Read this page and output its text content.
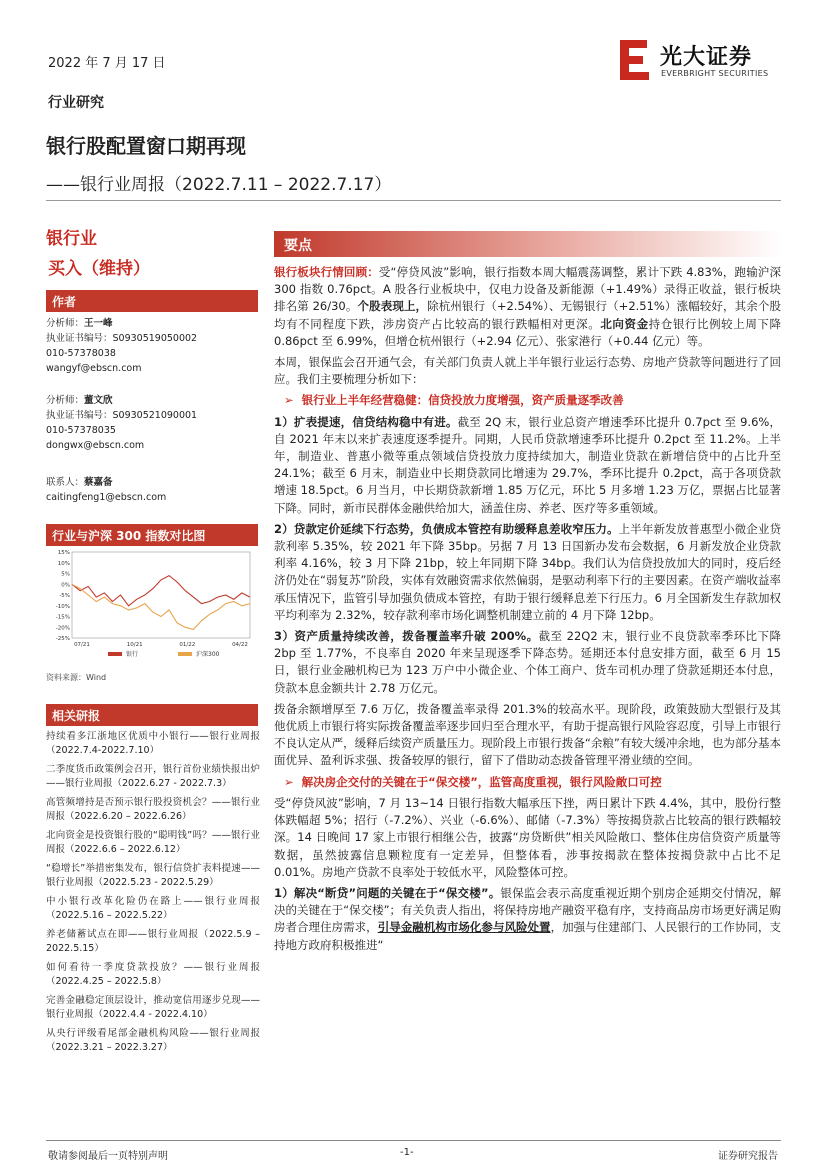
2022 年 7 月 17 日	光大证券
EVERBRIGHT SECURITIES
行业研究
银行股配置窗口期再现
——银行业周报（2022.7.11 – 2022.7.17）
银行业
买入（维持）
作者
分析师：王一峰
执业证书编号：S0930519050002
010-57378038
wangyf@ebscn.com
分析师：董文欣
执业证书编号：S0930521090001
010-57378035
dongwx@ebscn.com
联系人：蔡嘉备
caitingfeng1@ebscn.com
行业与沪深 300 指数对比图
15%
10%
5%
0%
-5%
-10%
-15%
-20%
-25%
07/21	10/21	01/22	04/22
银行	沪深300
资料来源：Wind
相关研报
持续看多江浙地区优质中小银行——银行业周报（2022.7.4-2022.7.10）
二季度货币政策例会召开，银行首份业绩快报出炉——银行业周报（2022.6.27 - 2022.7.3）
高管频增持是否预示银行股投资机会？——银行业周报（2022.6.20 – 2022.6.26）
北向资金是投资银行股的“聪明钱”吗？——银行业周报（2022.6.6 – 2022.6.12）
“稳增长”举措密集发布，银行信贷扩表料提速——银行业周报（2022.5.23 - 2022.5.29）
中小银行改革化险仍在路上——银行业周报（2022.5.16 – 2022.5.22）
养老储蓄试点在即——银行业周报（2022.5.9 – 2022.5.15）
如何看待一季度贷款投放？——银行业周报（2022.4.25 – 2022.5.8）
完善金融稳定顶层设计，推动宽信用逐步兑现——银行业周报（2022.4.4 - 2022.4.10）
从央行评级看尾部金融机构风险——银行业周报（2022.3.21 – 2022.3.27）
要点

银行板块行情回顾：受“停贷风波”影响，银行指数本周大幅震荡调整，累计下跌 4.83%，跑输沪深 300 指数 0.76pct。A 股各行业板块中，仅电力设备及新能源（+1.49%）录得正收益，银行板块排名第 26/30。个股表现上，除杭州银行（+2.54%）、无锡银行（+2.51%）涨幅较好，其余个股均有不同程度下跌，涉房资产占比较高的银行跌幅相对更深。北向资金持仓银行比例较上周下降 0.86pct 至 6.99%，但增仓杭州银行（+2.94 亿元）、张家港行（+0.44 亿元）等。

本周，银保监会召开通气会，有关部门负责人就上半年银行业运行态势、房地产贷款等问题进行了回应。我们主要梳理分析如下：

➢  银行业上半年经营稳健：信贷投放力度增强，资产质量逐季改善

1）扩表提速，信贷结构稳中有进。截至 2Q 末，银行业总资产增速季环比提升 0.7pct 至 9.6%，自 2021 年末以来扩表速度逐季提升。同期，人民币贷款增速季环比提升 0.2pct 至 11.2%。上半年，制造业、普惠小微等重点领域信贷投放力度持续加大，制造业贷款在新增信贷中的占比升至 24.1%；截至 6 月末，制造业中长期贷款同比增速为 29.7%，季环比提升 0.2pct，高于各项贷款增速 18.5pct。6 月当月，中长期贷款新增 1.85 万亿元，环比 5 月多增 1.23 万亿，票据占比显著下降。同时，新市民群体金融供给加大，涵盖住房、养老、医疗等多重领域。

2）贷款定价延续下行态势，负债成本管控有助缓释息差收窄压力。上半年新发放普惠型小微企业贷款利率 5.35%，较 2021 年下降 35bp。另据 7 月 13 日国新办发布会数据，6 月新发放企业贷款利率 4.16%，较 3 月下降 21bp，较上年同期下降 34bp。我们认为信贷投放加大的同时，疫后经济仍处在“弱复苏”阶段，实体有效融资需求依然偏弱，是驱动利率下行的主要因素。在资产端收益率承压情况下，监管引导加强负债成本管控，有助于银行缓释息差下行压力。6 月全国新发生存款加权平均利率为 2.32%，较存款利率市场化调整机制建立前的 4 月下降 12bp。

3）资产质量持续改善，拨备覆盖率升破 200%。截至 22Q2 末，银行业不良贷款率季环比下降 2bp 至 1.77%，不良率自 2020 年来呈现逐季下降态势。延期还本付息安排方面，截至 6 月 15 日，银行业金融机构已为 123 万户中小微企业、个体工商户、货车司机办理了贷款延期还本付息，贷款本息金额共计 2.78 万亿元。

拨备余额增厚至 7.6 万亿，拨备覆盖率录得 201.3%的较高水平。现阶段，政策鼓励大型银行及其他优质上市银行将实际拨备覆盖率逐步回归至合理水平，有助于提高银行风险容忍度，引导上市银行不良认定从严，缓释后续资产质量压力。现阶段上市银行拨备“余粮”有较大缓冲余地，也为部分基本面优异、盈利诉求强、拨备较厚的银行，留下了借助动态拨备管理平滑业绩的空间。

➢  解决房企交付的关键在于“保交楼”，监管高度重视，银行风险敞口可控

受“停贷风波”影响，7 月 13~14 日银行指数大幅承压下挫，两日累计下跌 4.4%，其中，股份行整体跌幅超 5%；招行（-7.2%）、兴业（-6.6%）、邮储（-7.3%）等按揭贷款占比较高的银行跌幅较深。14 日晚间 17 家上市银行相继公告，披露“房贷断供”相关风险敞口、整体住房信贷资产质量等数据，虽然披露信息颗粒度有一定差异，但整体看，涉事按揭款在整体按揭贷款中占比不足 0.01%。房地产贷款不良率处于较低水平，风险整体可控。

1）解决“断贷”问题的关键在于“保交楼”。银保监会表示高度重视近期个别房企延期交付情况，解决的关键在于“保交楼”；有关负责人指出，将保持房地产融资平稳有序，支持商品房市场更好满足购房者合理住房需求，引导金融机构市场化参与风险处置，加强与住建部门、人民银行的工作协同，支持地方政府积极推进“

敬请参阅最后一页特别声明	-1-	证券研究报告
